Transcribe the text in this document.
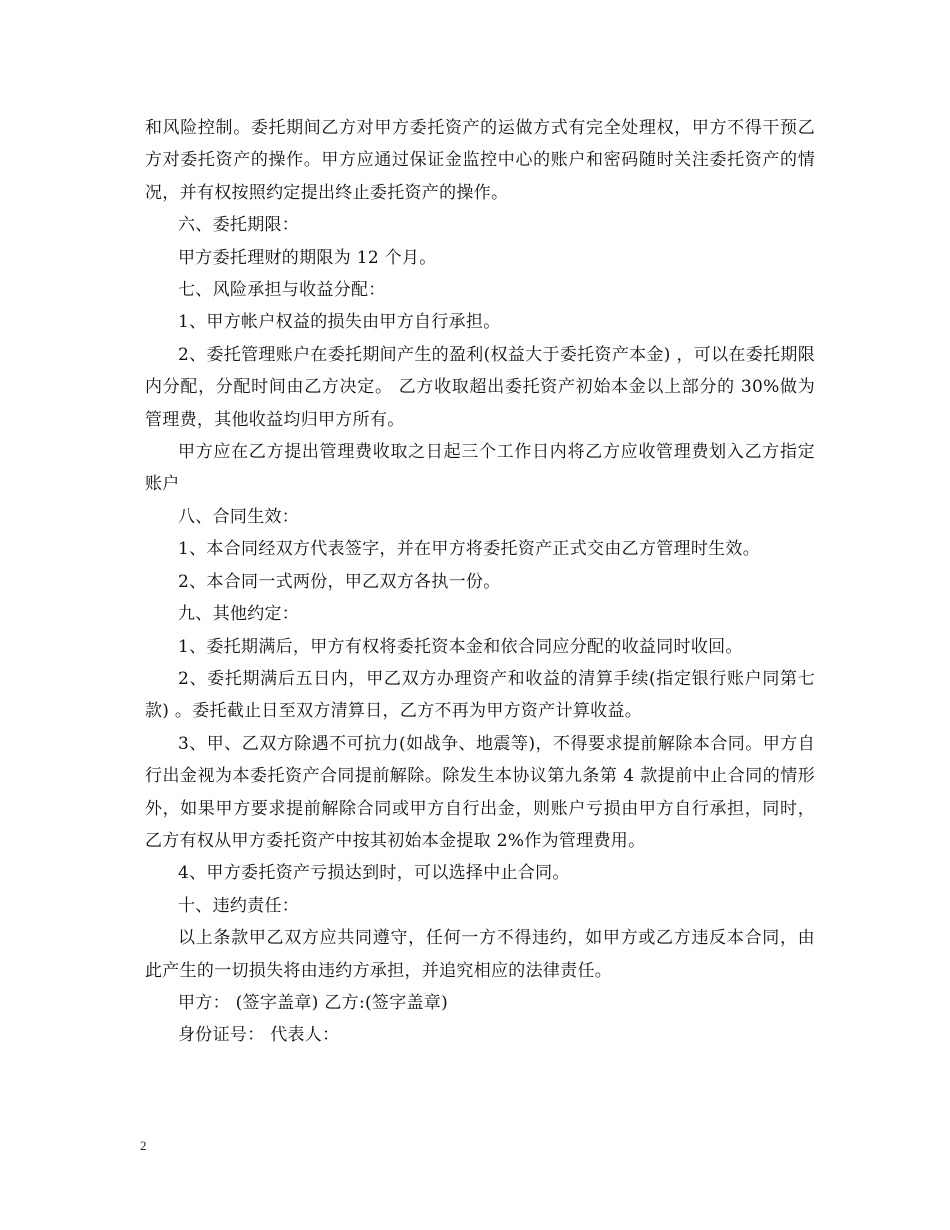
和风险控制。委托期间乙方对甲方委托资产的运做方式有完全处理权，甲方不得干预乙方对委托资产的操作。甲方应通过保证金监控中心的账户和密码随时关注委托资产的情况，并有权按照约定提出终止委托资产的操作。

六、委托期限：

甲方委托理财的期限为 12 个月。

七、风险承担与收益分配：

1、甲方帐户权益的损失由甲方自行承担。

2、委托管理账户在委托期间产生的盈利(权益大于委托资产本金) ，可以在委托期限内分配，分配时间由乙方决定。 乙方收取超出委托资产初始本金以上部分的 30%做为管理费，其他收益均归甲方所有。

甲方应在乙方提出管理费收取之日起三个工作日内将乙方应收管理费划入乙方指定账户

八、合同生效：

1、本合同经双方代表签字，并在甲方将委托资产正式交由乙方管理时生效。

2、本合同一式两份，甲乙双方各执一份。

九、其他约定：

1、委托期满后，甲方有权将委托资本金和依合同应分配的收益同时收回。

2、委托期满后五日内，甲乙双方办理资产和收益的清算手续(指定银行账户同第七款) 。委托截止日至双方清算日，乙方不再为甲方资产计算收益。

3、甲、乙双方除遇不可抗力(如战争、地震等)，不得要求提前解除本合同。甲方自行出金视为本委托资产合同提前解除。除发生本协议第九条第 4 款提前中止合同的情形外，如果甲方要求提前解除合同或甲方自行出金，则账户亏损由甲方自行承担，同时，乙方有权从甲方委托资产中按其初始本金提取 2%作为管理费用。

4、甲方委托资产亏损达到时，可以选择中止合同。

十、违约责任：

以上条款甲乙双方应共同遵守，任何一方不得违约，如甲方或乙方违反本合同，由此产生的一切损失将由违约方承担，并追究相应的法律责任。

甲方： (签字盖章) 乙方:(签字盖章)

身份证号： 代表人：

2
